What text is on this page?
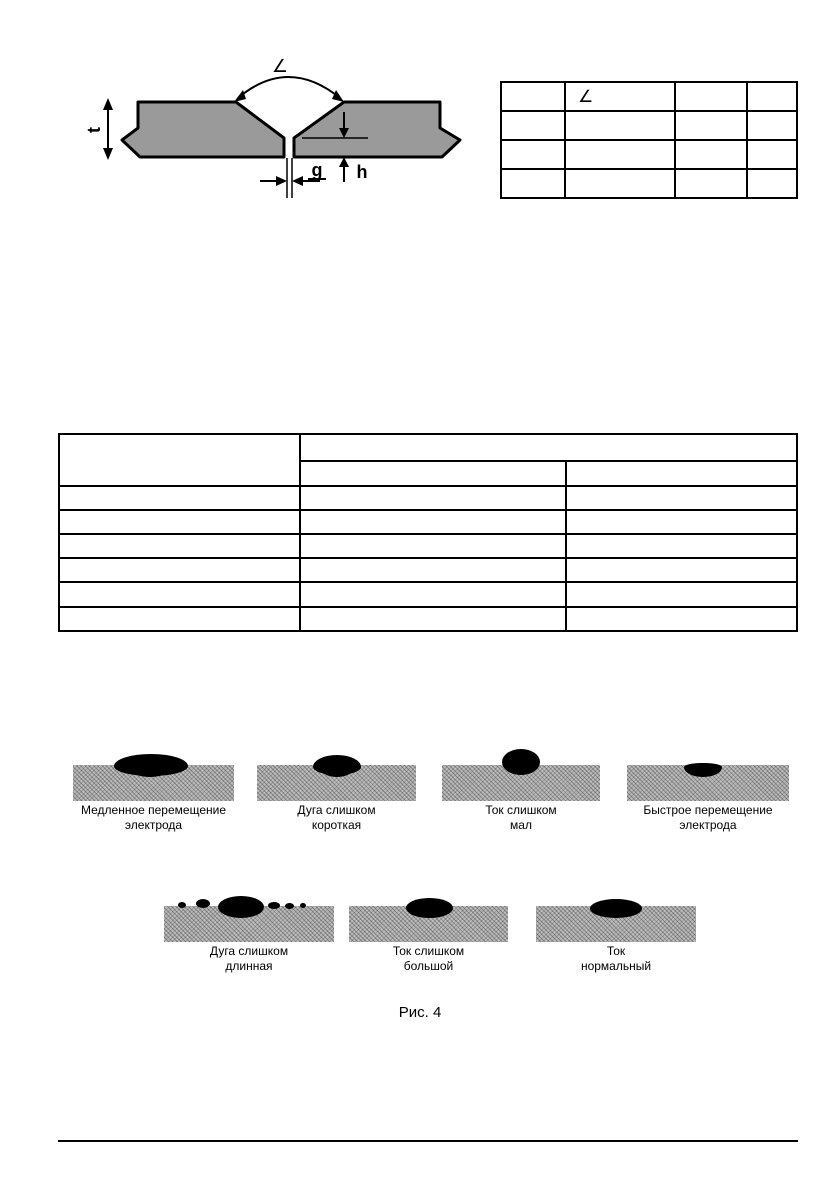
∠
t
g h
	∠		

Медленное перемещение
электрода
Дуга слишком
короткая
Ток слишком
мал
Быстрое перемещение
электрода
Дуга слишком
длинная
Ток слишком
большой
Ток
нормальный
Рис. 4
